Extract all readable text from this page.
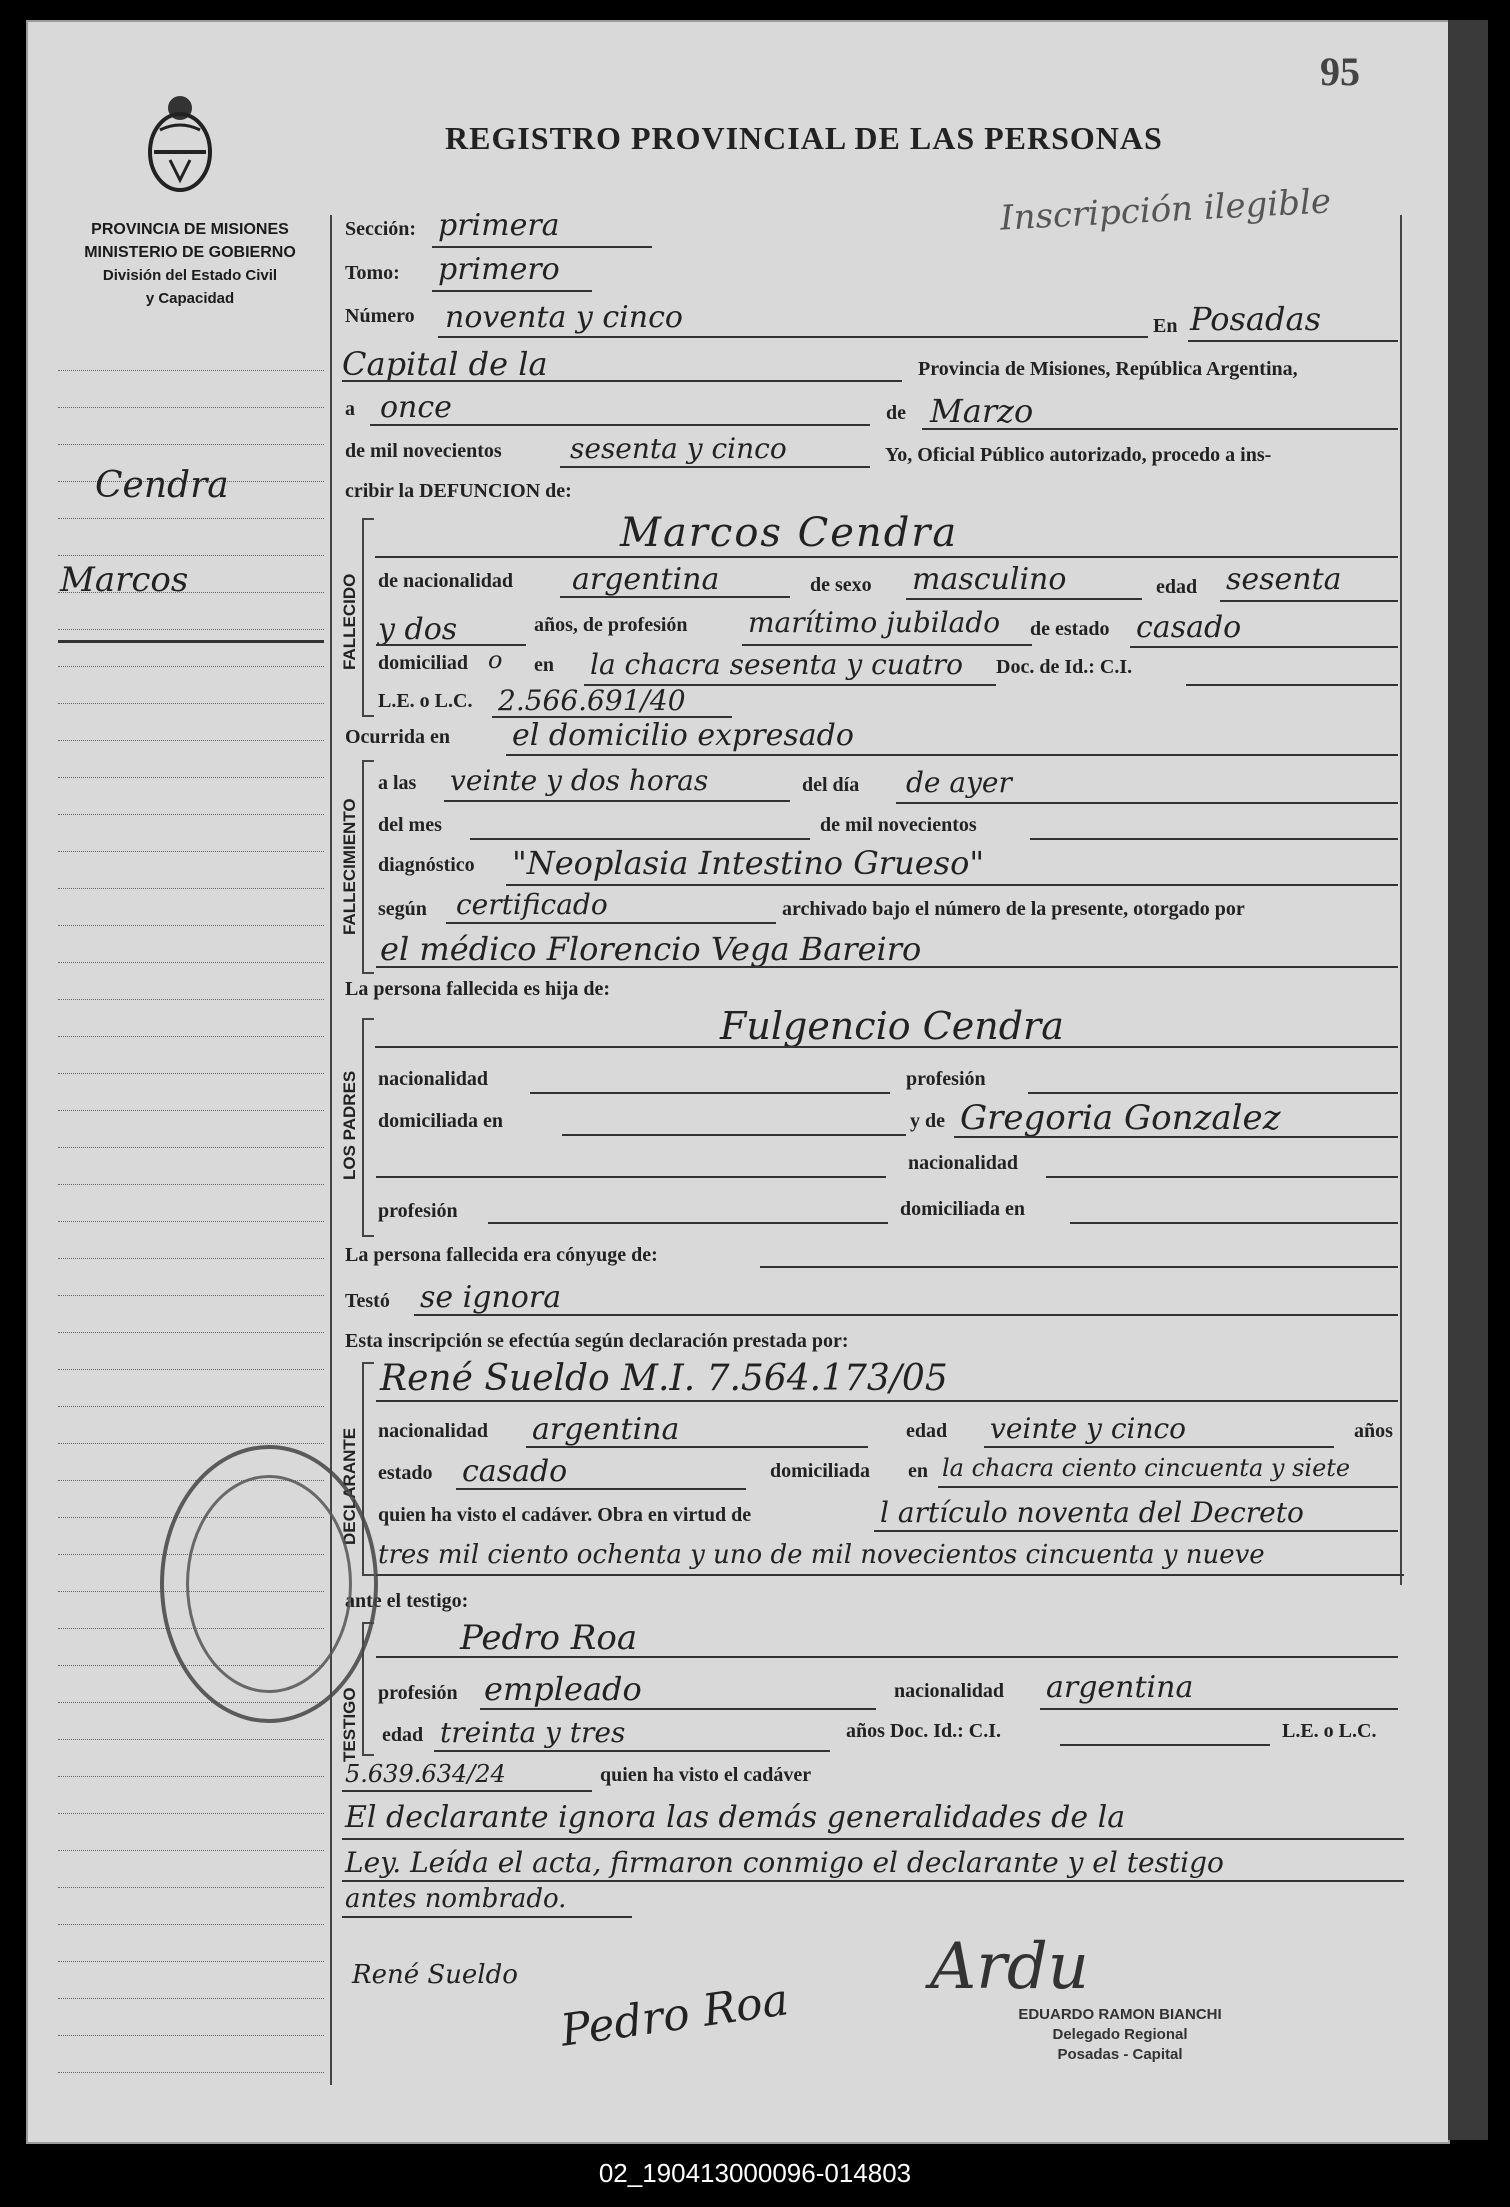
95
REGISTRO PROVINCIAL DE LAS PERSONAS
Inscripción ilegible
PROVINCIA DE MISIONES
MINISTERIO DE GOBIERNO
División del Estado Civil
y Capacidad
Cendra
Marcos
Sección: primera
Tomo: primero
Número noventa y cinco	En Posadas
Capital de la	Provincia de Misiones, República Argentina,
a once	de Marzo
de mil novecientos sesenta y cinco	Yo, Oficial Público autorizado, procedo a ins-
cribir la DEFUNCION de:
FALLECIDO
Marcos Cendra
de nacionalidad argentina	de sexo masculino	edad sesenta
y dos	años, de profesión marítimo jubilado de estado casado
domiciliad o en la chacra sesenta y cuatro Doc. de Id.: C.I.
L.E. o L.C. 2.566.691/40
Ocurrida en el domicilio expresado
FALLECIMIENTO
a las veinte y dos horas	del día de ayer
del mes	de mil novecientos
diagnóstico "Neoplasia Intestino Grueso"
según certificado	archivado bajo el número de la presente, otorgado por
el médico Florencio Vega Bareiro
La persona fallecida es hija de:
LOS PADRES
Fulgencio Cendra
nacionalidad	profesión
domiciliada en	y de Gregoria Gonzalez
nacionalidad
profesión	domiciliada en
La persona fallecida era cónyuge de:
Testó se ignora
Esta inscripción se efectúa según declaración prestada por:
DECLARANTE
René Sueldo M.I. 7.564.173/05
nacionalidad argentina	edad veinte y cinco	años
estado casado	domiciliada en la chacra ciento cincuenta y siete
quien ha visto el cadáver. Obra en virtud de	l artículo noventa del Decreto
tres mil ciento ochenta y uno de mil novecientos cincuenta y nueve
ante el testigo:
TESTIGO
Pedro Roa
profesión empleado	nacionalidad argentina
edad treinta y tres	años Doc. Id.: C.I.	L.E. o L.C.
5.639.634/24	quien ha visto el cadáver
El declarante ignora las demás generalidades de la
Ley. Leída el acta, firmaron conmigo el declarante y el testigo
antes nombrado.
René Sueldo Pedro Roa
Ardu
EDUARDO RAMON BIANCHI
Delegado Regional
Posadas - Capital
02_190413000096-014803
